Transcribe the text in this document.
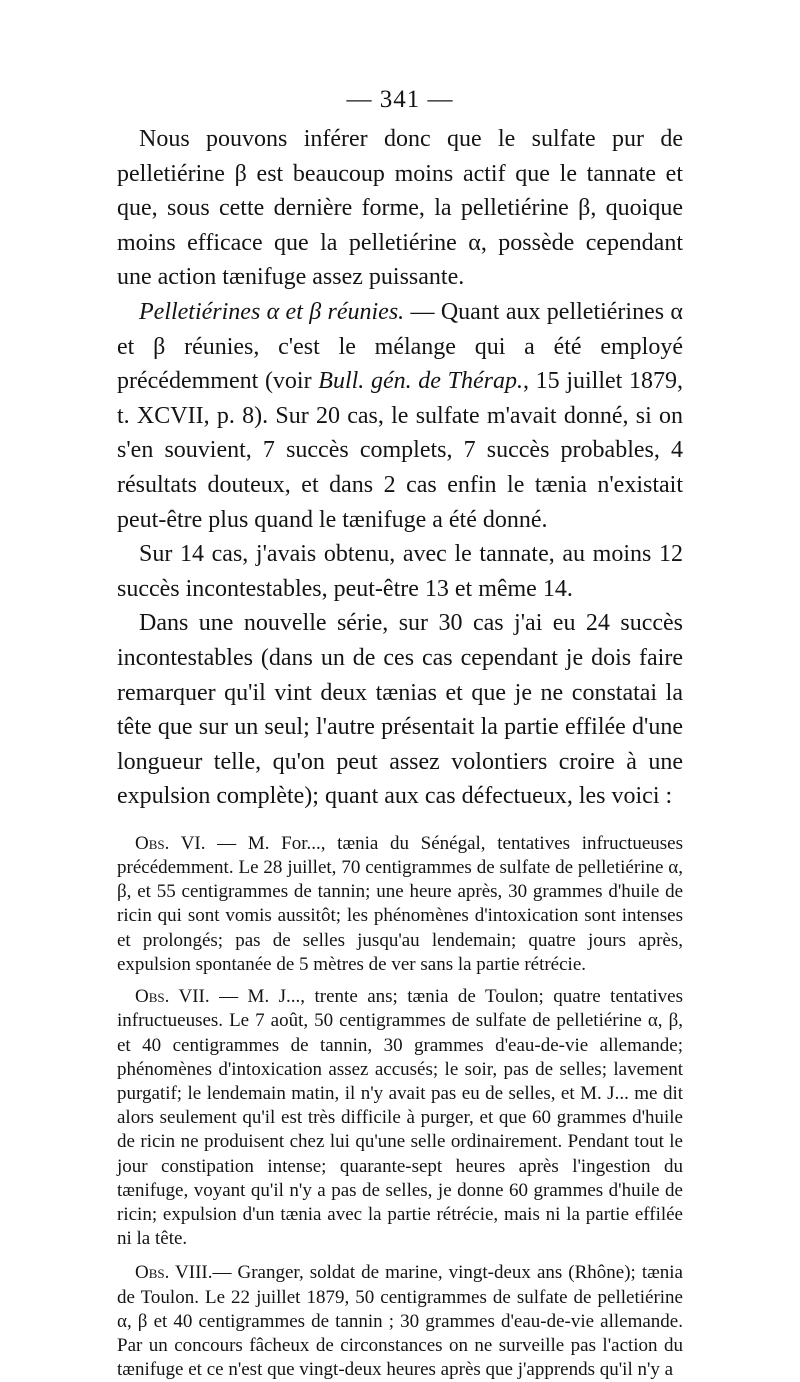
— 341 —

Nous pouvons inférer donc que le sulfate pur de pelletiérine β est beaucoup moins actif que le tannate et que, sous cette dernière forme, la pelletiérine β, quoique moins efficace que la pelletiérine α, possède cependant une action tænifuge assez puissante.

Pelletiérines α et β réunies. — Quant aux pelletiérines α et β réunies, c'est le mélange qui a été employé précédemment (voir Bull. gén. de Thérap., 15 juillet 1879, t. XCVII, p. 8). Sur 20 cas, le sulfate m'avait donné, si on s'en souvient, 7 succès complets, 7 succès probables, 4 résultats douteux, et dans 2 cas enfin le tænia n'existait peut-être plus quand le tænifuge a été donné.

Sur 14 cas, j'avais obtenu, avec le tannate, au moins 12 succès incontestables, peut-être 13 et même 14.

Dans une nouvelle série, sur 30 cas j'ai eu 24 succès incontestables (dans un de ces cas cependant je dois faire remarquer qu'il vint deux tænias et que je ne constatai la tête que sur un seul; l'autre présentait la partie effilée d'une longueur telle, qu'on peut assez volontiers croire à une expulsion complète); quant aux cas défectueux, les voici :

Obs. VI. — M. For..., tænia du Sénégal, tentatives infructueuses précédemment. Le 28 juillet, 70 centigrammes de sulfate de pelletiérine α, β, et 55 centigrammes de tannin; une heure après, 30 grammes d'huile de ricin qui sont vomis aussitôt; les phénomènes d'intoxication sont intenses et prolongés; pas de selles jusqu'au lendemain; quatre jours après, expulsion spontanée de 5 mètres de ver sans la partie rétrécie.

Obs. VII. — M. J..., trente ans; tænia de Toulon; quatre tentatives infructueuses. Le 7 août, 50 centigrammes de sulfate de pelletiérine α, β, et 40 centigrammes de tannin, 30 grammes d'eau-de-vie allemande; phénomènes d'intoxication assez accusés; le soir, pas de selles; lavement purgatif; le lendemain matin, il n'y avait pas eu de selles, et M. J... me dit alors seulement qu'il est très difficile à purger, et que 60 grammes d'huile de ricin ne produisent chez lui qu'une selle ordinairement. Pendant tout le jour constipation intense; quarante-sept heures après l'ingestion du tænifuge, voyant qu'il n'y a pas de selles, je donne 60 grammes d'huile de ricin; expulsion d'un tænia avec la partie rétrécie, mais ni la partie effilée ni la tête.

Obs. VIII.— Granger, soldat de marine, vingt-deux ans (Rhône); tænia de Toulon. Le 22 juillet 1879, 50 centigrammes de sulfate de pelletiérine α, β et 40 centigrammes de tannin ; 30 grammes d'eau-de-vie allemande. Par un concours fâcheux de circonstances on ne surveille pas l'action du tænifuge et ce n'est que vingt-deux heures après que j'apprends qu'il n'y a
